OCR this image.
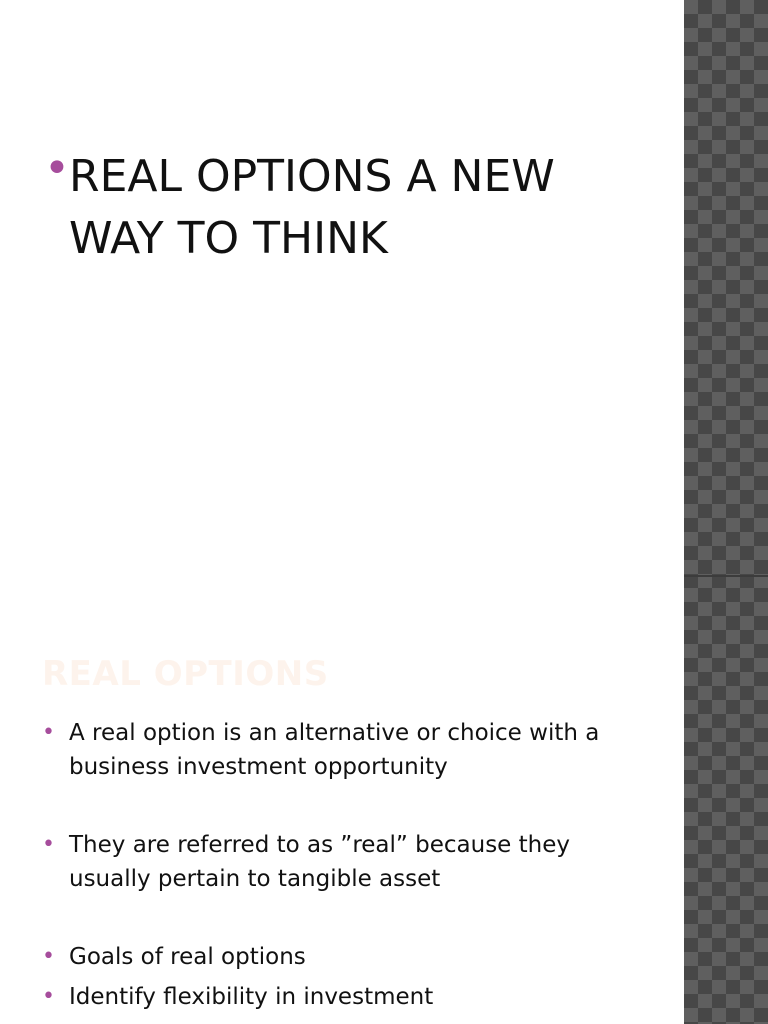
• REAL OPTIONS A NEW WAY TO THINK
REAL OPTIONS
• A real option is an alternative or choice with a business investment opportunity
• They are referred to as ”real” because they usually pertain to tangible asset
• Goals of real options
• Identify flexibility in investment
